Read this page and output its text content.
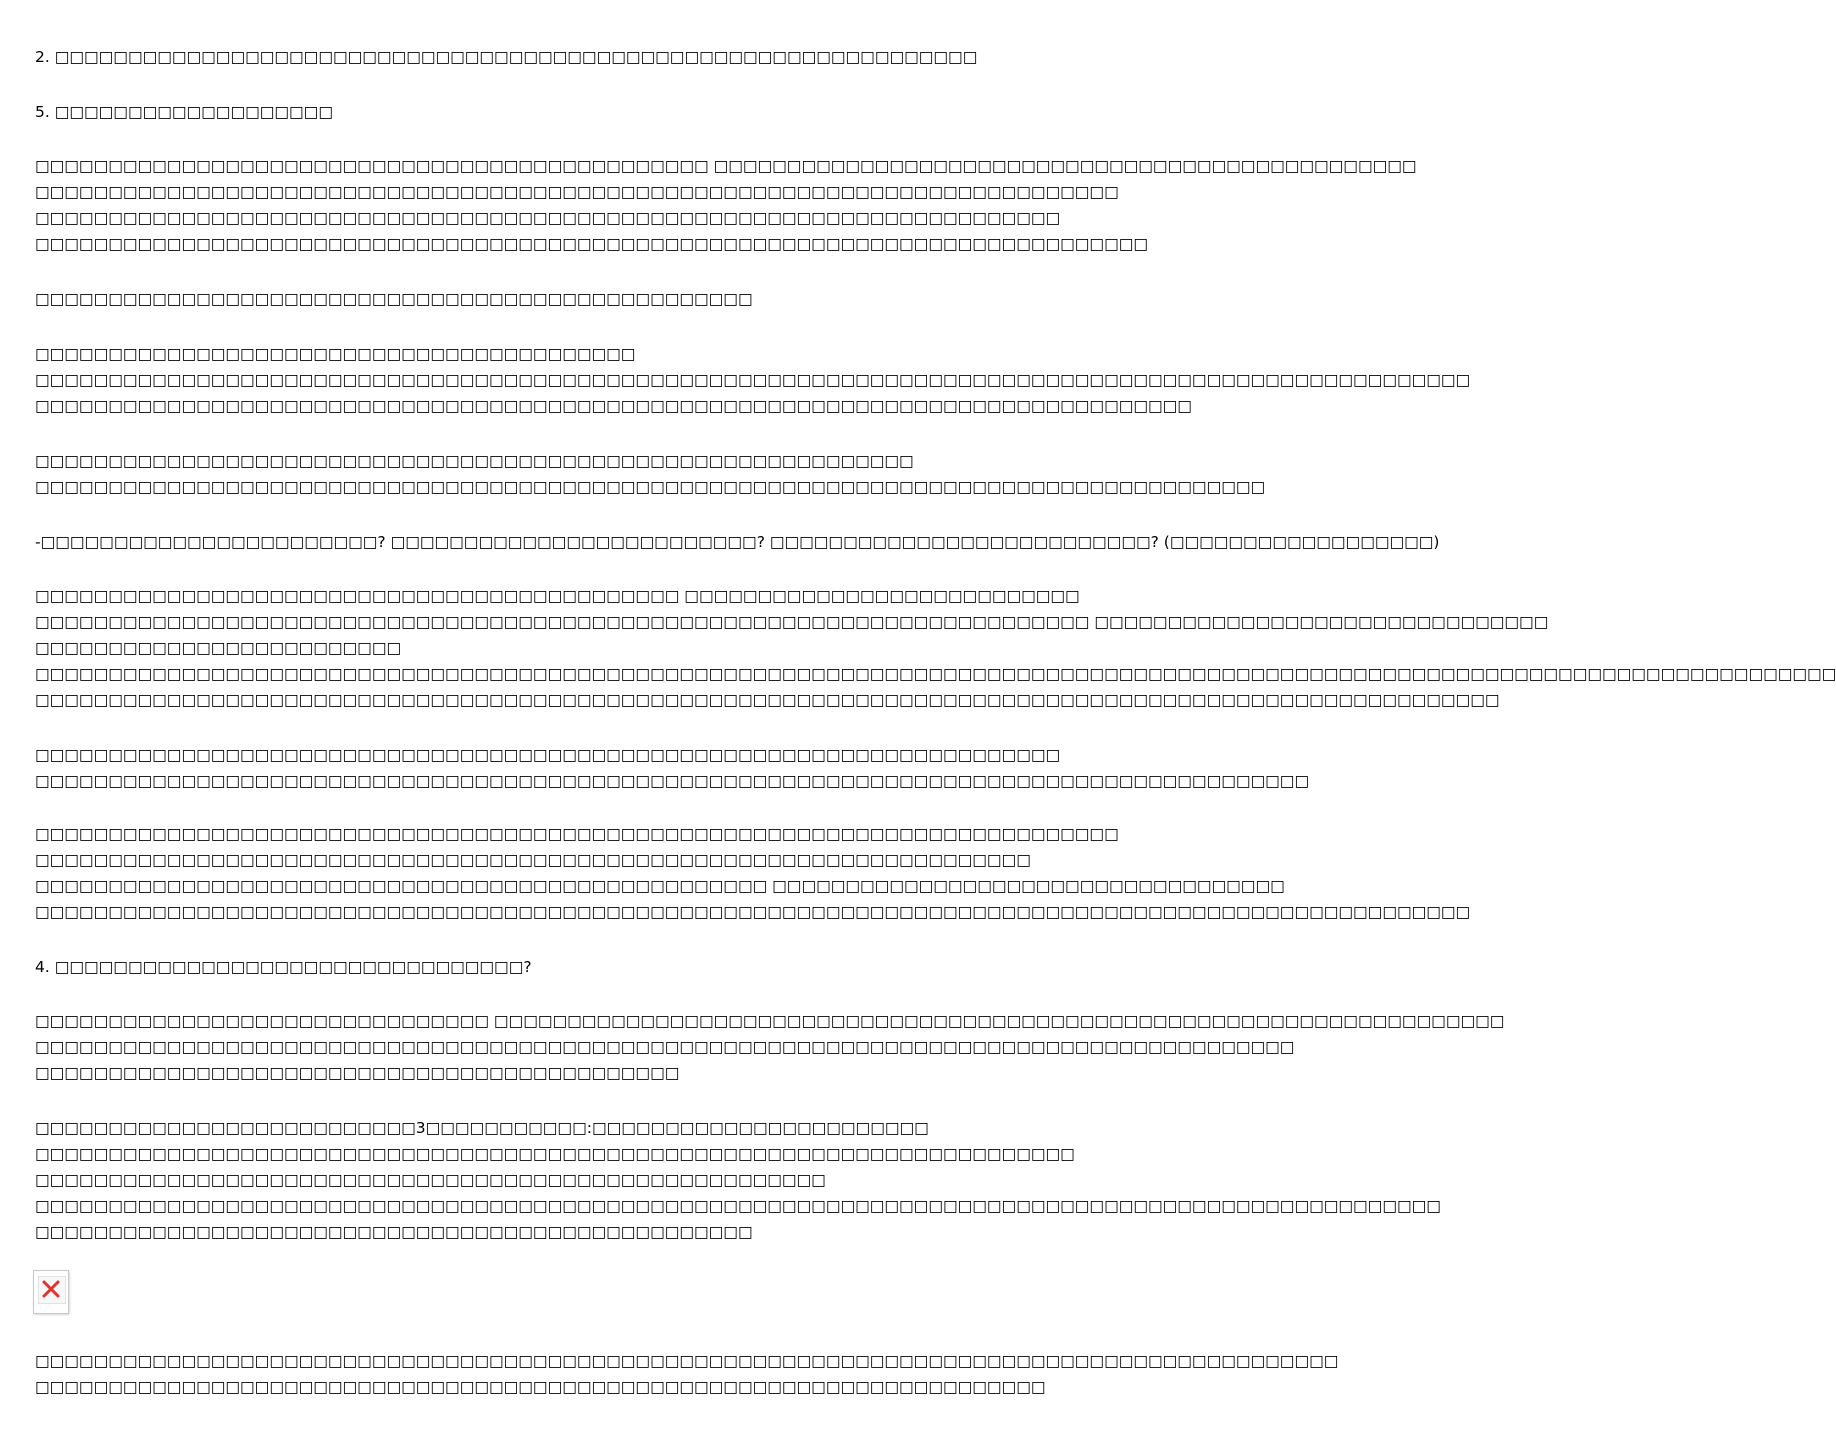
2. □□□□□□□□□□□□□□□□□□□□□□□□□□□□□□□□□□□□□□□□□□□□□□□□□□□□□□□□□□□□□□□
5. □□□□□□□□□□□□□□□□□□□
□□□□□□□□□□□□□□□□□□□□□□□□□□□□□□□□□□□□□□□□□□□□□□ □□□□□□□□□□□□□□□□□□□□□□□□□□□□□□□□□□□□□□□□□□□□□□□□
□□□□□□□□□□□□□□□□□□□□□□□□□□□□□□□□□□□□□□□□□□□□□□□□□□□□□□□□□□□□□□□□□□□□□□□□□□
□□□□□□□□□□□□□□□□□□□□□□□□□□□□□□□□□□□□□□□□□□□□□□□□□□□□□□□□□□□□□□□□□□□□□□
□□□□□□□□□□□□□□□□□□□□□□□□□□□□□□□□□□□□□□□□□□□□□□□□□□□□□□□□□□□□□□□□□□□□□□□□□□□□
□□□□□□□□□□□□□□□□□□□□□□□□□□□□□□□□□□□□□□□□□□□□□□□□□
□□□□□□□□□□□□□□□□□□□□□□□□□□□□□□□□□□□□□□□□□
□□□□□□□□□□□□□□□□□□□□□□□□□□□□□□□□□□□□□□□□□□□□□□□□□□□□□□□□□□□□□□□□□□□□□□□□□□□□□□□□□□□□□□□□□□□□□□□□□□
□□□□□□□□□□□□□□□□□□□□□□□□□□□□□□□□□□□□□□□□□□□□□□□□□□□□□□□□□□□□□□□□□□□□□□□□□□□□□□□
□□□□□□□□□□□□□□□□□□□□□□□□□□□□□□□□□□□□□□□□□□□□□□□□□□□□□□□□□□□□
□□□□□□□□□□□□□□□□□□□□□□□□□□□□□□□□□□□□□□□□□□□□□□□□□□□□□□□□□□□□□□□□□□□□□□□□□□□□□□□□□□□□
-□□□□□□□□□□□□□□□□□□□□□□□? □□□□□□□□□□□□□□□□□□□□□□□□□? □□□□□□□□□□□□□□□□□□□□□□□□□□? (□□□□□□□□□□□□□□□□□□)
□□□□□□□□□□□□□□□□□□□□□□□□□□□□□□□□□□□□□□□□□□□□ □□□□□□□□□□□□□□□□□□□□□□□□□□□
□□□□□□□□□□□□□□□□□□□□□□□□□□□□□□□□□□□□□□□□□□□□□□□□□□□□□□□□□□□□□□□□□□□□□□□□ □□□□□□□□□□□□□□□□□□□□□□□□□□□□□□□
□□□□□□□□□□□□□□□□□□□□□□□□□
□□□□□□□□□□□□□□□□□□□□□□□□□□□□□□□□□□□□□□□□□□□□□□□□□□□□□□□□□□□□□□□□□□□□□□□□□□□□□□□□□□□□□□□□□□□□□□□□□□□□□□□□□□□□□□□□□□□□□□□□□□□
□□□□□□□□□□□□□□□□□□□□□□□□□□□□□□□□□□□□□□□□□□□□□□□□□□□□□□□□□□□□□□□□□□□□□□□□□□□□□□□□□□□□□□□□□□□□□□□□□□□□
□□□□□□□□□□□□□□□□□□□□□□□□□□□□□□□□□□□□□□□□□□□□□□□□□□□□□□□□□□□□□□□□□□□□□□
□□□□□□□□□□□□□□□□□□□□□□□□□□□□□□□□□□□□□□□□□□□□□□□□□□□□□□□□□□□□□□□□□□□□□□□□□□□□□□□□□□□□□□□
□□□□□□□□□□□□□□□□□□□□□□□□□□□□□□□□□□□□□□□□□□□□□□□□□□□□□□□□□□□□□□□□□□□□□□□□□□
□□□□□□□□□□□□□□□□□□□□□□□□□□□□□□□□□□□□□□□□□□□□□□□□□□□□□□□□□□□□□□□□□□□□
□□□□□□□□□□□□□□□□□□□□□□□□□□□□□□□□□□□□□□□□□□□□□□□□□□ □□□□□□□□□□□□□□□□□□□□□□□□□□□□□□□□□□□
□□□□□□□□□□□□□□□□□□□□□□□□□□□□□□□□□□□□□□□□□□□□□□□□□□□□□□□□□□□□□□□□□□□□□□□□□□□□□□□□□□□□□□□□□□□□□□□□□□
4. □□□□□□□□□□□□□□□□□□□□□□□□□□□□□□□□?
□□□□□□□□□□□□□□□□□□□□□□□□□□□□□□□ □□□□□□□□□□□□□□□□□□□□□□□□□□□□□□□□□□□□□□□□□□□□□□□□□□□□□□□□□□□□□□□□□□□□□
□□□□□□□□□□□□□□□□□□□□□□□□□□□□□□□□□□□□□□□□□□□□□□□□□□□□□□□□□□□□□□□□□□□□□□□□□□□□□□□□□□□□□□
□□□□□□□□□□□□□□□□□□□□□□□□□□□□□□□□□□□□□□□□□□□□
□□□□□□□□□□□□□□□□□□□□□□□□□□3□□□□□□□□□□□:□□□□□□□□□□□□□□□□□□□□□□□
□□□□□□□□□□□□□□□□□□□□□□□□□□□□□□□□□□□□□□□□□□□□□□□□□□□□□□□□□□□□□□□□□□□□□□□
□□□□□□□□□□□□□□□□□□□□□□□□□□□□□□□□□□□□□□□□□□□□□□□□□□□□□□
□□□□□□□□□□□□□□□□□□□□□□□□□□□□□□□□□□□□□□□□□□□□□□□□□□□□□□□□□□□□□□□□□□□□□□□□□□□□□□□□□□□□□□□□□□□□□□□□
□□□□□□□□□□□□□□□□□□□□□□□□□□□□□□□□□□□□□□□□□□□□□□□□□
□□□□□□□□□□□□□□□□□□□□□□□□□□□□□□□□□□□□□□□□□□□□□□□□□□□□□□□□□□□□□□□□□□□□□□□□□□□□□□□□□□□□□□□□□
□□□□□□□□□□□□□□□□□□□□□□□□□□□□□□□□□□□□□□□□□□□□□□□□□□□□□□□□□□□□□□□□□□□□□
